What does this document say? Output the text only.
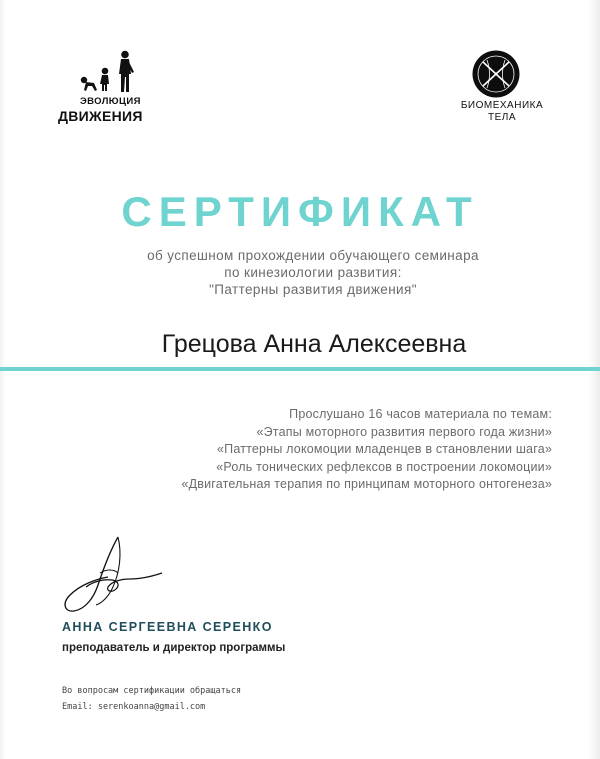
ЭВОЛЮЦИЯ
ДВИЖЕНИЯ
БИОМЕХАНИКА
ТЕЛА
СЕРТИФИКАТ
об успешном прохождении обучающего семинара
по кинезиологии развития:
"Паттерны развития движения"
Грецова Анна Алексеевна
Прослушано 16 часов материала по темам:
«Этапы моторного развития первого года жизни»
«Паттерны локомоции младенцев в становлении шага»
«Роль тонических рефлексов в построении локомоции»
«Двигательная терапия по принципам моторного онтогенеза»
АННА СЕРГЕЕВНА СЕРЕНКО
преподаватель и директор программы
Во вопросам сертификации обращаться
Email: serenkoanna@gmail.com
